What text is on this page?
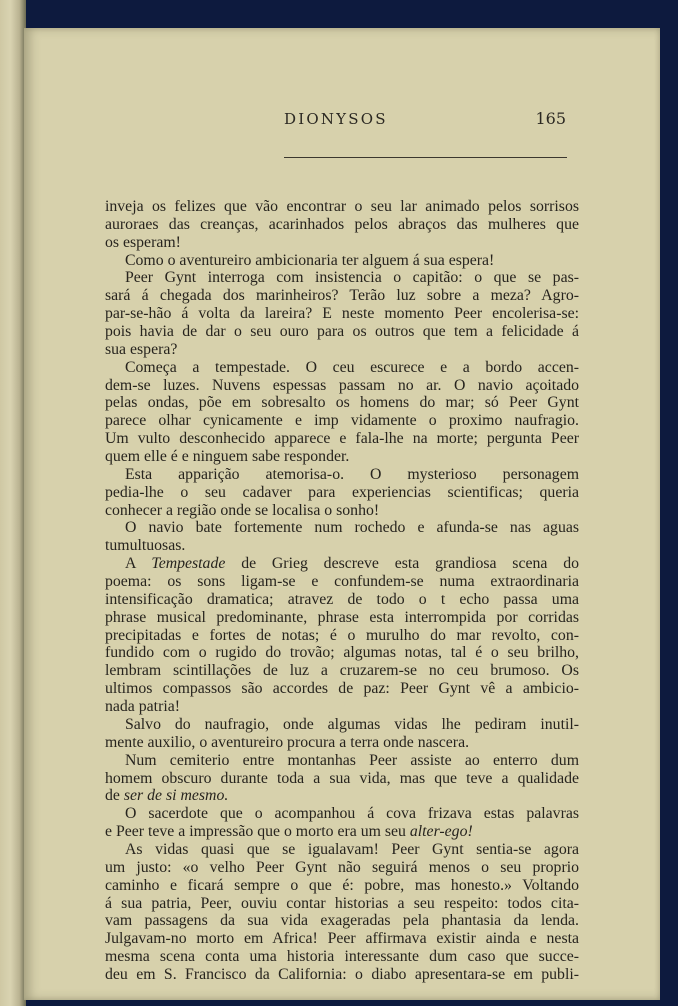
DIONYSOS	165
inveja os felizes que vão encontrar o seu lar animado pelos sorrisos
auroraes das creanças, acarinhados pelos abraços das mulheres que
os esperam!
Como o aventureiro ambicionaria ter alguem á sua espera!
Peer Gynt interroga com insistencia o capitão: o que se pas-
sará á chegada dos marinheiros? Terão luz sobre a meza? Agro-
par-se-hão á volta da lareira? E neste momento Peer encolerisa-se:
pois havia de dar o seu ouro para os outros que tem a felicidade á
sua espera?
Começa a tempestade. O ceu escurece e a bordo accen-
dem-se luzes. Nuvens espessas passam no ar. O navio açoitado
pelas ondas, põe em sobresalto os homens do mar; só Peer Gynt
parece olhar cynicamente e imp vidamente o proximo naufragio.
Um vulto desconhecido apparece e fala-lhe na morte; pergunta Peer
quem elle é e ninguem sabe responder.
Esta apparição atemorisa-o. O mysterioso personagem
pedia-lhe o seu cadaver para experiencias scientificas; queria
conhecer a região onde se localisa o sonho!
O navio bate fortemente num rochedo e afunda-se nas aguas
tumultuosas.
A Tempestade de Grieg descreve esta grandiosa scena do
poema: os sons ligam-se e confundem-se numa extraordinaria
intensificação dramatica; atravez de todo o t echo passa uma
phrase musical predominante, phrase esta interrompida por corridas
precipitadas e fortes de notas; é o murulho do mar revolto, con-
fundido com o rugido do trovão; algumas notas, tal é o seu brilho,
lembram scintillações de luz a cruzarem-se no ceu brumoso. Os
ultimos compassos são accordes de paz: Peer Gynt vê a ambicio-
nada patria!
Salvo do naufragio, onde algumas vidas lhe pediram inutil-
mente auxilio, o aventureiro procura a terra onde nascera.
Num cemiterio entre montanhas Peer assiste ao enterro dum
homem obscuro durante toda a sua vida, mas que teve a qualidade
de ser de si mesmo.
O sacerdote que o acompanhou á cova frizava estas palavras
e Peer teve a impressão que o morto era um seu alter-ego!
As vidas quasi que se igualavam! Peer Gynt sentia-se agora
um justo: «o velho Peer Gynt não seguirá menos o seu proprio
caminho e ficará sempre o que é: pobre, mas honesto.» Voltando
á sua patria, Peer, ouviu contar historias a seu respeito: todos cita-
vam passagens da sua vida exageradas pela phantasia da lenda.
Julgavam-no morto em Africa! Peer affirmava existir ainda e nesta
mesma scena conta uma historia interessante dum caso que succe-
deu em S. Francisco da California: o diabo apresentara-se em publi-
